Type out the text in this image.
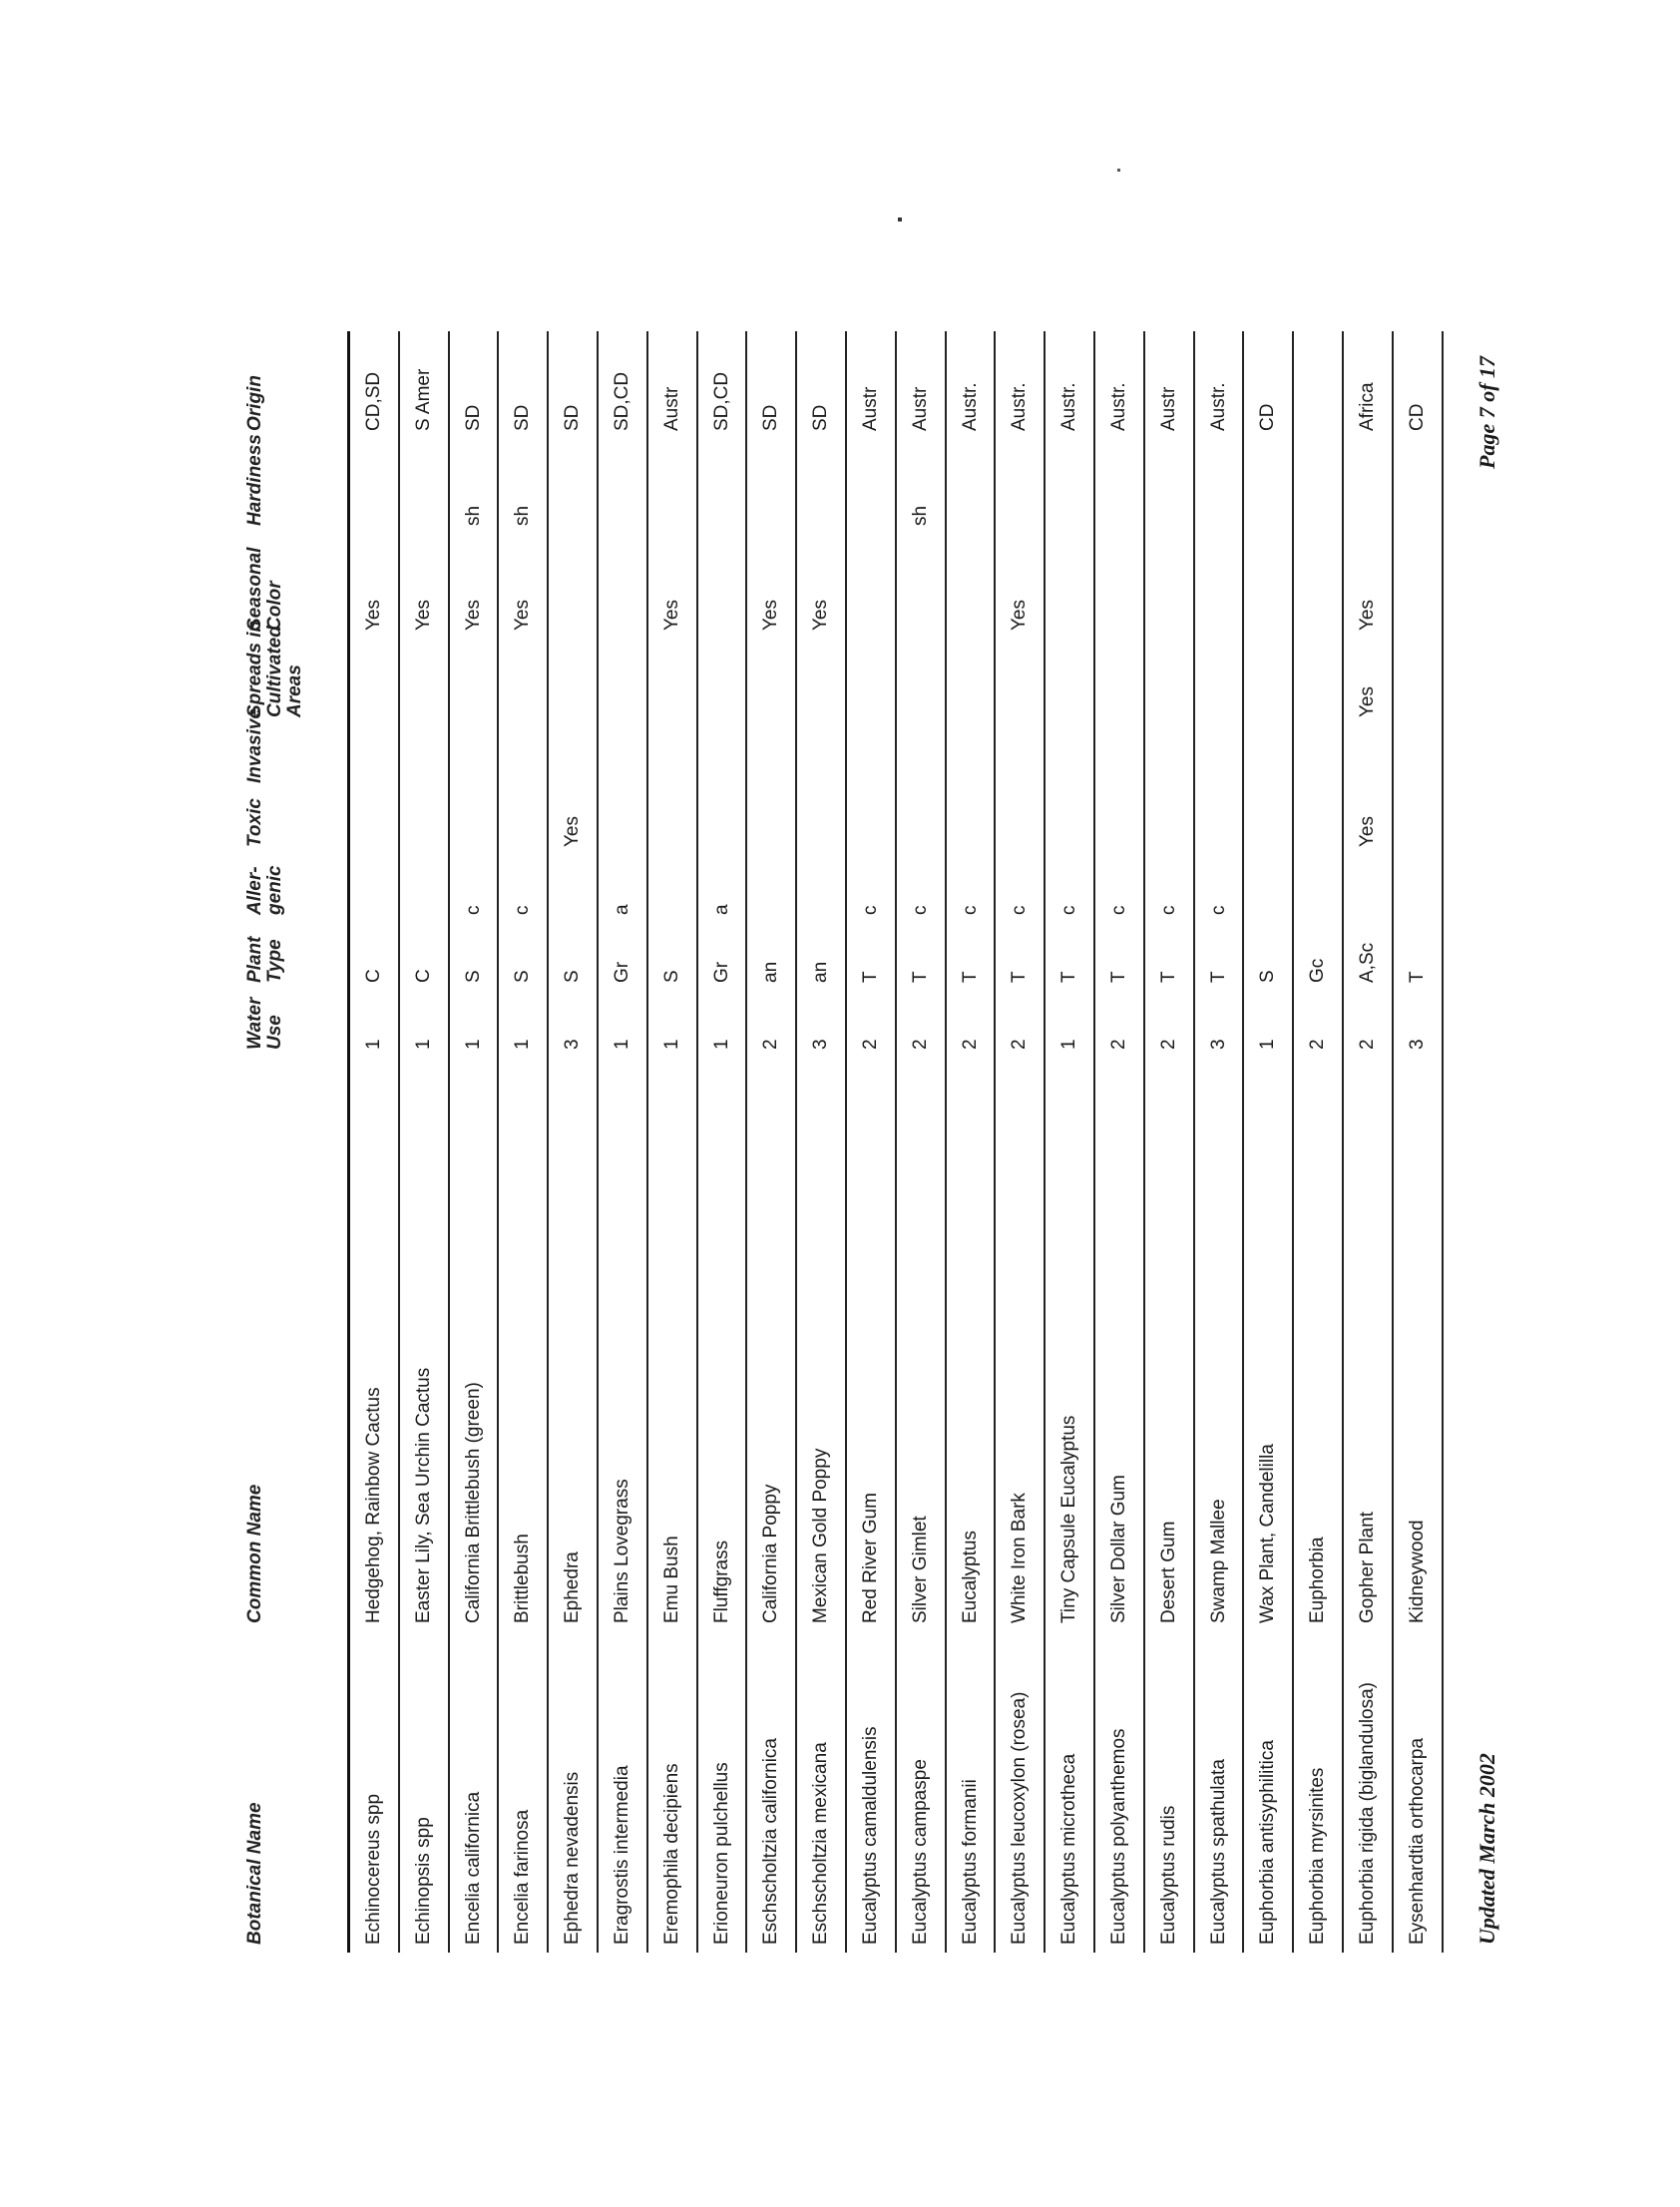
Botanical Name
Common Name
Water
Use
Plant
Type
Aller-
genic
Toxic
Invasive
Spreads in
Cultivated
Areas
Seasonal
Color
Hardiness
Origin
Echinocereus spp
Hedgehog, Rainbow Cactus
1
C
Yes
CD,SD
Echinopsis spp
Easter Lily, Sea Urchin Cactus
1
C
Yes
S Amer
Encelia californica
California Brittlebush (green)
1
S
c
Yes
sh
SD
Encelia farinosa
Brittlebush
1
S
c
Yes
sh
SD
Ephedra nevadensis
Ephedra
3
S
Yes
SD
Eragrostis intermedia
Plains Lovegrass
1
Gr
a
SD,CD
Eremophila decipiens
Emu Bush
1
S
Yes
Austr
Erioneuron pulchellus
Fluffgrass
1
Gr
a
SD,CD
Eschscholtzia californica
California Poppy
2
an
Yes
SD
Eschscholtzia mexicana
Mexican Gold Poppy
3
an
Yes
SD
Eucalyptus camaldulensis
Red River Gum
2
T
c
Austr
Eucalyptus campaspe
Silver Gimlet
2
T
c
sh
Austr
Eucalyptus formanii
Eucalyptus
2
T
c
Austr.
Eucalyptus leucoxylon (rosea)
White Iron Bark
2
T
c
Yes
Austr.
Eucalyptus microtheca
Tiny Capsule Eucalyptus
1
T
c
Austr.
Eucalyptus polyanthemos
Silver Dollar Gum
2
T
c
Austr.
Eucalyptus rudis
Desert Gum
2
T
c
Austr
Eucalyptus spathulata
Swamp Mallee
3
T
c
Austr.
Euphorbia antisyphilitica
Wax Plant, Candelilla
1
S
CD
Euphorbia myrsinites
Euphorbia
2
Gc
Euphorbia rigida (biglandulosa)
Gopher Plant
2
A,Sc
Yes
Yes
Yes
Africa
Eysenhardtia orthocarpa
Kidneywood
3
T
CD
Updated March 2002
Page 7 of 17
